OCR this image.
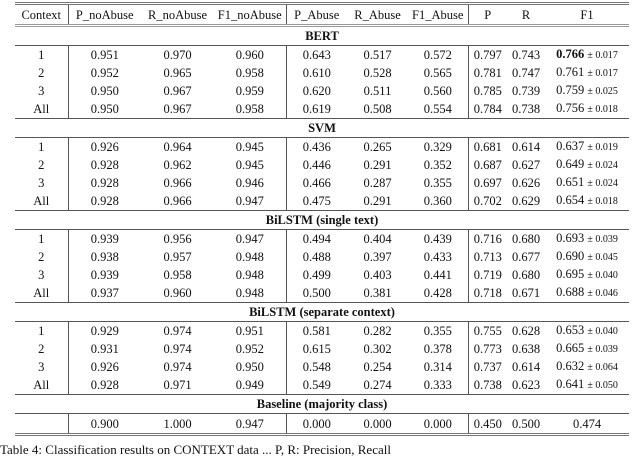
Context	P_noAbuse	R_noAbuse	F1_noAbuse	P_Abuse	R_Abuse	F1_Abuse	P	R	F1
BERT									
1	0.951	0.970	0.960	0.643	0.517	0.572	0.797	0.743	0.766 ± 0.017
2	0.952	0.965	0.958	0.610	0.528	0.565	0.781	0.747	0.761 ± 0.017
3	0.950	0.967	0.959	0.620	0.511	0.560	0.785	0.739	0.759 ± 0.025
All	0.950	0.967	0.958	0.619	0.508	0.554	0.784	0.738	0.756 ± 0.018
SVM									
1	0.926	0.964	0.945	0.436	0.265	0.329	0.681	0.614	0.637 ± 0.019
2	0.928	0.962	0.945	0.446	0.291	0.352	0.687	0.627	0.649 ± 0.024
3	0.928	0.966	0.946	0.466	0.287	0.355	0.697	0.626	0.651 ± 0.024
All	0.928	0.966	0.947	0.475	0.291	0.360	0.702	0.629	0.654 ± 0.018
BiLSTM (single text)									
1	0.939	0.956	0.947	0.494	0.404	0.439	0.716	0.680	0.693 ± 0.039
2	0.938	0.957	0.948	0.488	0.397	0.433	0.713	0.677	0.690 ± 0.045
3	0.939	0.958	0.948	0.499	0.403	0.441	0.719	0.680	0.695 ± 0.040
All	0.937	0.960	0.948	0.500	0.381	0.428	0.718	0.671	0.688 ± 0.046
BiLSTM (separate context)									
1	0.929	0.974	0.951	0.581	0.282	0.355	0.755	0.628	0.653 ± 0.040
2	0.931	0.974	0.952	0.615	0.302	0.378	0.773	0.638	0.665 ± 0.039
3	0.926	0.974	0.950	0.548	0.254	0.314	0.737	0.614	0.632 ± 0.064
All	0.928	0.971	0.949	0.549	0.274	0.333	0.738	0.623	0.641 ± 0.050
Baseline (majority class)									
	0.900	1.000	0.947	0.000	0.000	0.000	0.450	0.500	0.474
Table 4: Classification results on CONTEXT data ... P, R: Precision, Recall
